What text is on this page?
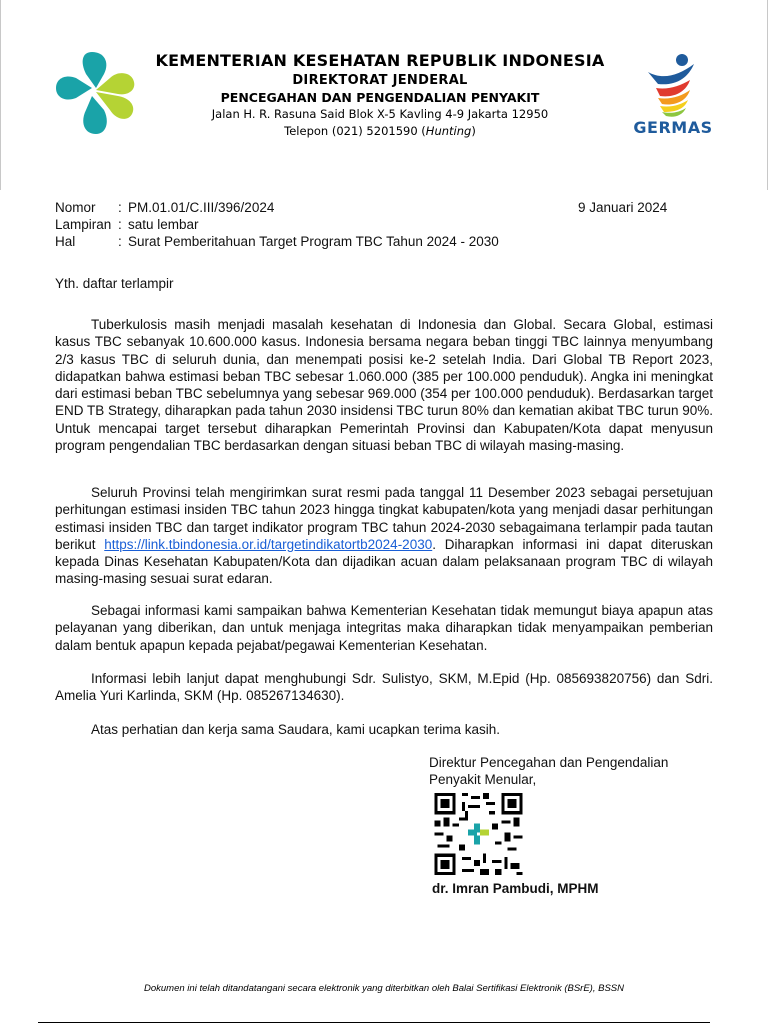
KEMENTERIAN KESEHATAN REPUBLIK INDONESIA
DIREKTORAT JENDERAL
PENCEGAHAN DAN PENGENDALIAN PENYAKIT
Jalan H. R. Rasuna Said Blok X-5 Kavling 4-9 Jakarta 12950
Telepon (021) 5201590 (Hunting)	GERMAS
Nomor	: PM.01.01/C.III/396/2024
Lampiran : satu lembar
Hal	: Surat Pemberitahuan Target Program TBC Tahun 2024 - 2030
9 Januari 2024
Yth. daftar terlampir
Tuberkulosis masih menjadi masalah kesehatan di Indonesia dan Global. Secara Global, estimasi kasus TBC sebanyak 10.600.000 kasus. Indonesia bersama negara beban tinggi TBC lainnya menyumbang 2/3 kasus TBC di seluruh dunia, dan menempati posisi ke-2 setelah India. Dari Global TB Report 2023, didapatkan bahwa estimasi beban TBC sebesar 1.060.000 (385 per 100.000 penduduk). Angka ini meningkat dari estimasi beban TBC sebelumnya yang sebesar 969.000 (354 per 100.000 penduduk). Berdasarkan target END TB Strategy, diharapkan pada tahun 2030 insidensi TBC turun 80% dan kematian akibat TBC turun 90%. Untuk mencapai target tersebut diharapkan Pemerintah Provinsi dan Kabupaten/Kota dapat menyusun program pengendalian TBC berdasarkan dengan situasi beban TBC di wilayah masing-masing.
Seluruh Provinsi telah mengirimkan surat resmi pada tanggal 11 Desember 2023 sebagai persetujuan perhitungan estimasi insiden TBC tahun 2023 hingga tingkat kabupaten/kota yang menjadi dasar perhitungan estimasi insiden TBC dan target indikator program TBC tahun 2024-2030 sebagaimana terlampir pada tautan berikut https://link.tbindonesia.or.id/targetindikatortb2024-2030. Diharapkan informasi ini dapat diteruskan kepada Dinas Kesehatan Kabupaten/Kota dan dijadikan acuan dalam pelaksanaan program TBC di wilayah masing-masing sesuai surat edaran.
Sebagai informasi kami sampaikan bahwa Kementerian Kesehatan tidak memungut biaya apapun atas pelayanan yang diberikan, dan untuk menjaga integritas maka diharapkan tidak menyampaikan pemberian dalam bentuk apapun kepada pejabat/pegawai Kementerian Kesehatan.
Informasi lebih lanjut dapat menghubungi Sdr. Sulistyo, SKM, M.Epid (Hp. 085693820756) dan Sdri. Amelia Yuri Karlinda, SKM (Hp. 085267134630).
Atas perhatian dan kerja sama Saudara, kami ucapkan terima kasih.
Direktur Pencegahan dan Pengendalian
Penyakit Menular,
dr. Imran Pambudi, MPHM
Dokumen ini telah ditandatangani secara elektronik yang diterbitkan oleh Balai Sertifikasi Elektronik (BSrE), BSSN
